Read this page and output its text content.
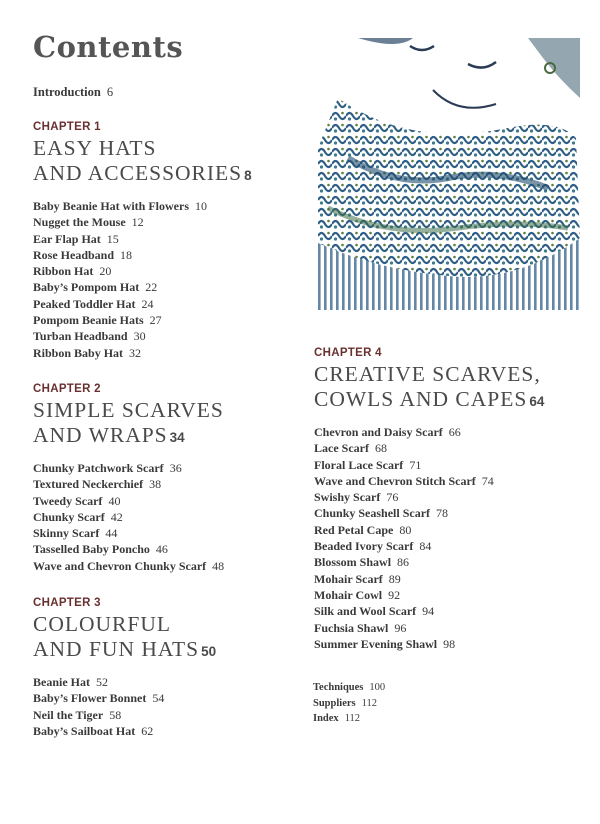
Contents
Introduction 6
CHAPTER 1
EASY HATS
AND ACCESSORIES 8
Baby Beanie Hat with Flowers 10
Nugget the Mouse 12
Ear Flap Hat 15
Rose Headband 18
Ribbon Hat 20
Baby’s Pompom Hat 22
Peaked Toddler Hat 24
Pompom Beanie Hats 27
Turban Headband 30
Ribbon Baby Hat 32
CHAPTER 2
SIMPLE SCARVES
AND WRAPS 34
Chunky Patchwork Scarf 36
Textured Neckerchief 38
Tweedy Scarf 40
Chunky Scarf 42
Skinny Scarf 44
Tasselled Baby Poncho 46
Wave and Chevron Chunky Scarf 48
CHAPTER 3
COLOURFUL
AND FUN HATS 50
Beanie Hat 52
Baby’s Flower Bonnet 54
Neil the Tiger 58
Baby’s Sailboat Hat 62
CHAPTER 4
CREATIVE SCARVES,
COWLS AND CAPES 64
Chevron and Daisy Scarf 66
Lace Scarf 68
Floral Lace Scarf 71
Wave and Chevron Stitch Scarf 74
Swishy Scarf 76
Chunky Seashell Scarf 78
Red Petal Cape 80
Beaded Ivory Scarf 84
Blossom Shawl 86
Mohair Scarf 89
Mohair Cowl 92
Silk and Wool Scarf 94
Fuchsia Shawl 96
Summer Evening Shawl 98
Techniques 100
Suppliers 112
Index 112
